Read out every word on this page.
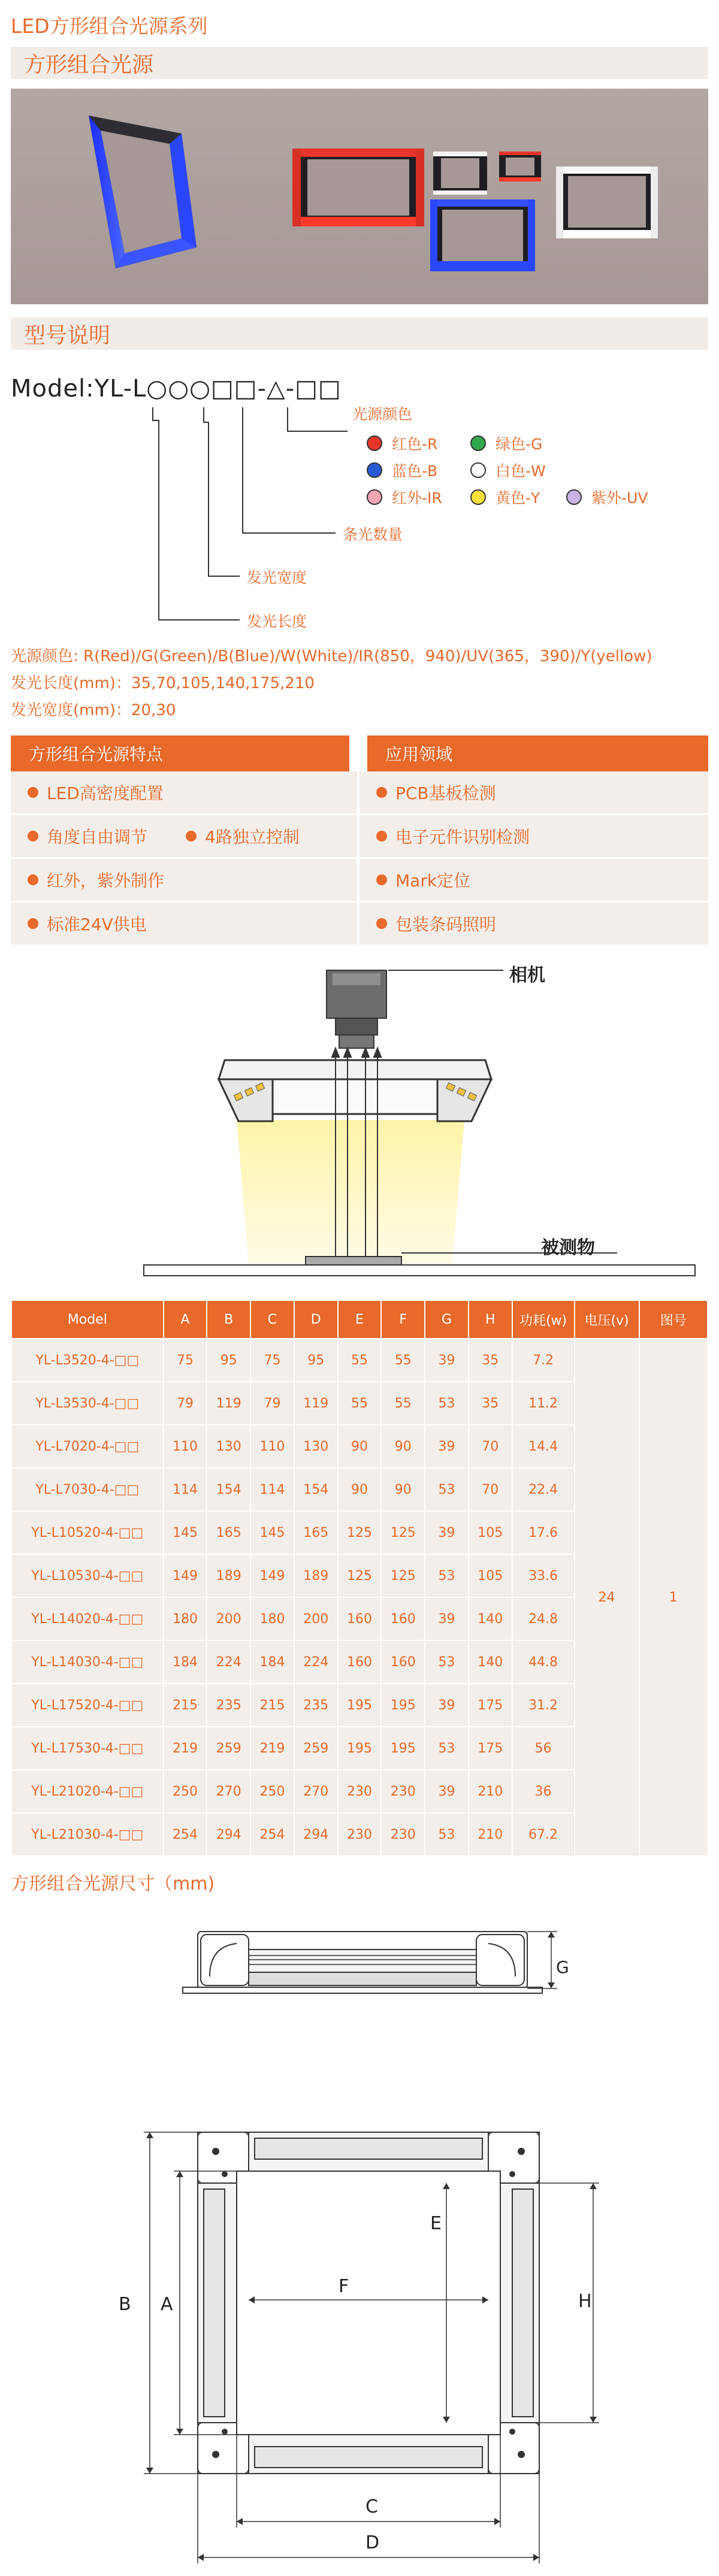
LED方形组合光源系列
方形组合光源
型号说明
Model:YL-L○○○□□-△-□□
光源颜色
条光数量
发光宽度
发光长度
红色-R	绿色-G
蓝色-B	白色-W
红外-IR	黄色-Y	紫外-UV
光源颜色: R(Red)/G(Green)/B(Blue)/W(White)/IR(850，940)/UV(365，390)/Y(yellow)
发光长度(mm)：35,70,105,140,175,210
发光宽度(mm)：20,30
方形组合光源特点	应用领域
LED高密度配置	PCB基板检测
角度自由调节	4路独立控制	电子元件识别检测
红外，紫外制作	Mark定位
标准24V供电	包装条码照明
相机
被测物
Model	A	B	C	D	E	F	G	H	功耗(w)	电压(v)	图号
YL-L3520-4-□□	75	95	75	95	55	55	39	35	7.2	24	1
YL-L3530-4-□□	79	119	79	119	55	55	53	35	11.2		
YL-L7020-4-□□	110	130	110	130	90	90	39	70	14.4		
YL-L7030-4-□□	114	154	114	154	90	90	53	70	22.4		
YL-L10520-4-□□	145	165	145	165	125	125	39	105	17.6		
YL-L10530-4-□□	149	189	149	189	125	125	53	105	33.6		
YL-L14020-4-□□	180	200	180	200	160	160	39	140	24.8		
YL-L14030-4-□□	184	224	184	224	160	160	53	140	44.8		
YL-L17520-4-□□	215	235	215	235	195	195	39	175	31.2		
YL-L17530-4-□□	219	259	219	259	195	195	53	175	56		
YL-L21020-4-□□	250	270	250	270	230	230	39	210	36		
YL-L21030-4-□□	254	294	254	294	230	230	53	210	67.2		
方形组合光源尺寸（mm)
G
B A
E
F
H
C
D
